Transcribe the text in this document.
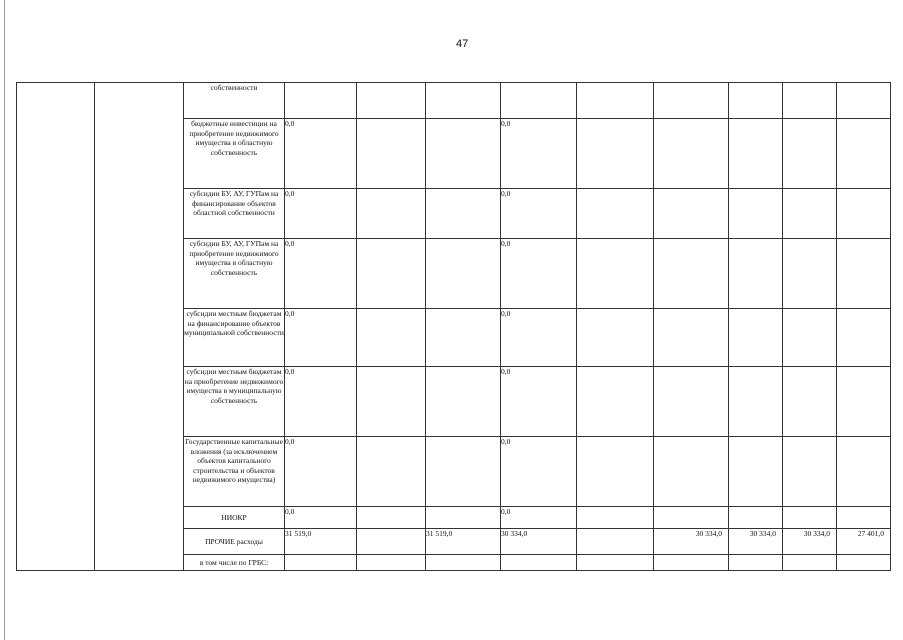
47
		собственности									
		бюджетные инвестиции на приобретение недвижимого имущества в областную собственность	0,0			0,0					
		субсидии БУ, АУ, ГУПам на финансирование объектов областной собственности	0,0			0,0					
		субсидии БУ, АУ, ГУПам на приобретение недвижимого имущества в областную собственность	0,0			0,0					
		субсидии местным бюджетам на финансирование объектов муниципальной собственности	0,0			0,0					
		субсидии местным бюджетам на приобретение недвижимого имущества в муниципальную собственность	0,0			0,0					
		Государственные капитальные вложения (за исключением объектов капитального строительства и объектов недвижимого имущества)	0,0			0,0					
		НИОКР	0,0			0,0					
		ПРОЧИЕ расходы	31 519,0		31 519,0	30 334,0		30 334,0	30 334,0	30 334,0	27 401,0
		в том числе по ГРБС:									
